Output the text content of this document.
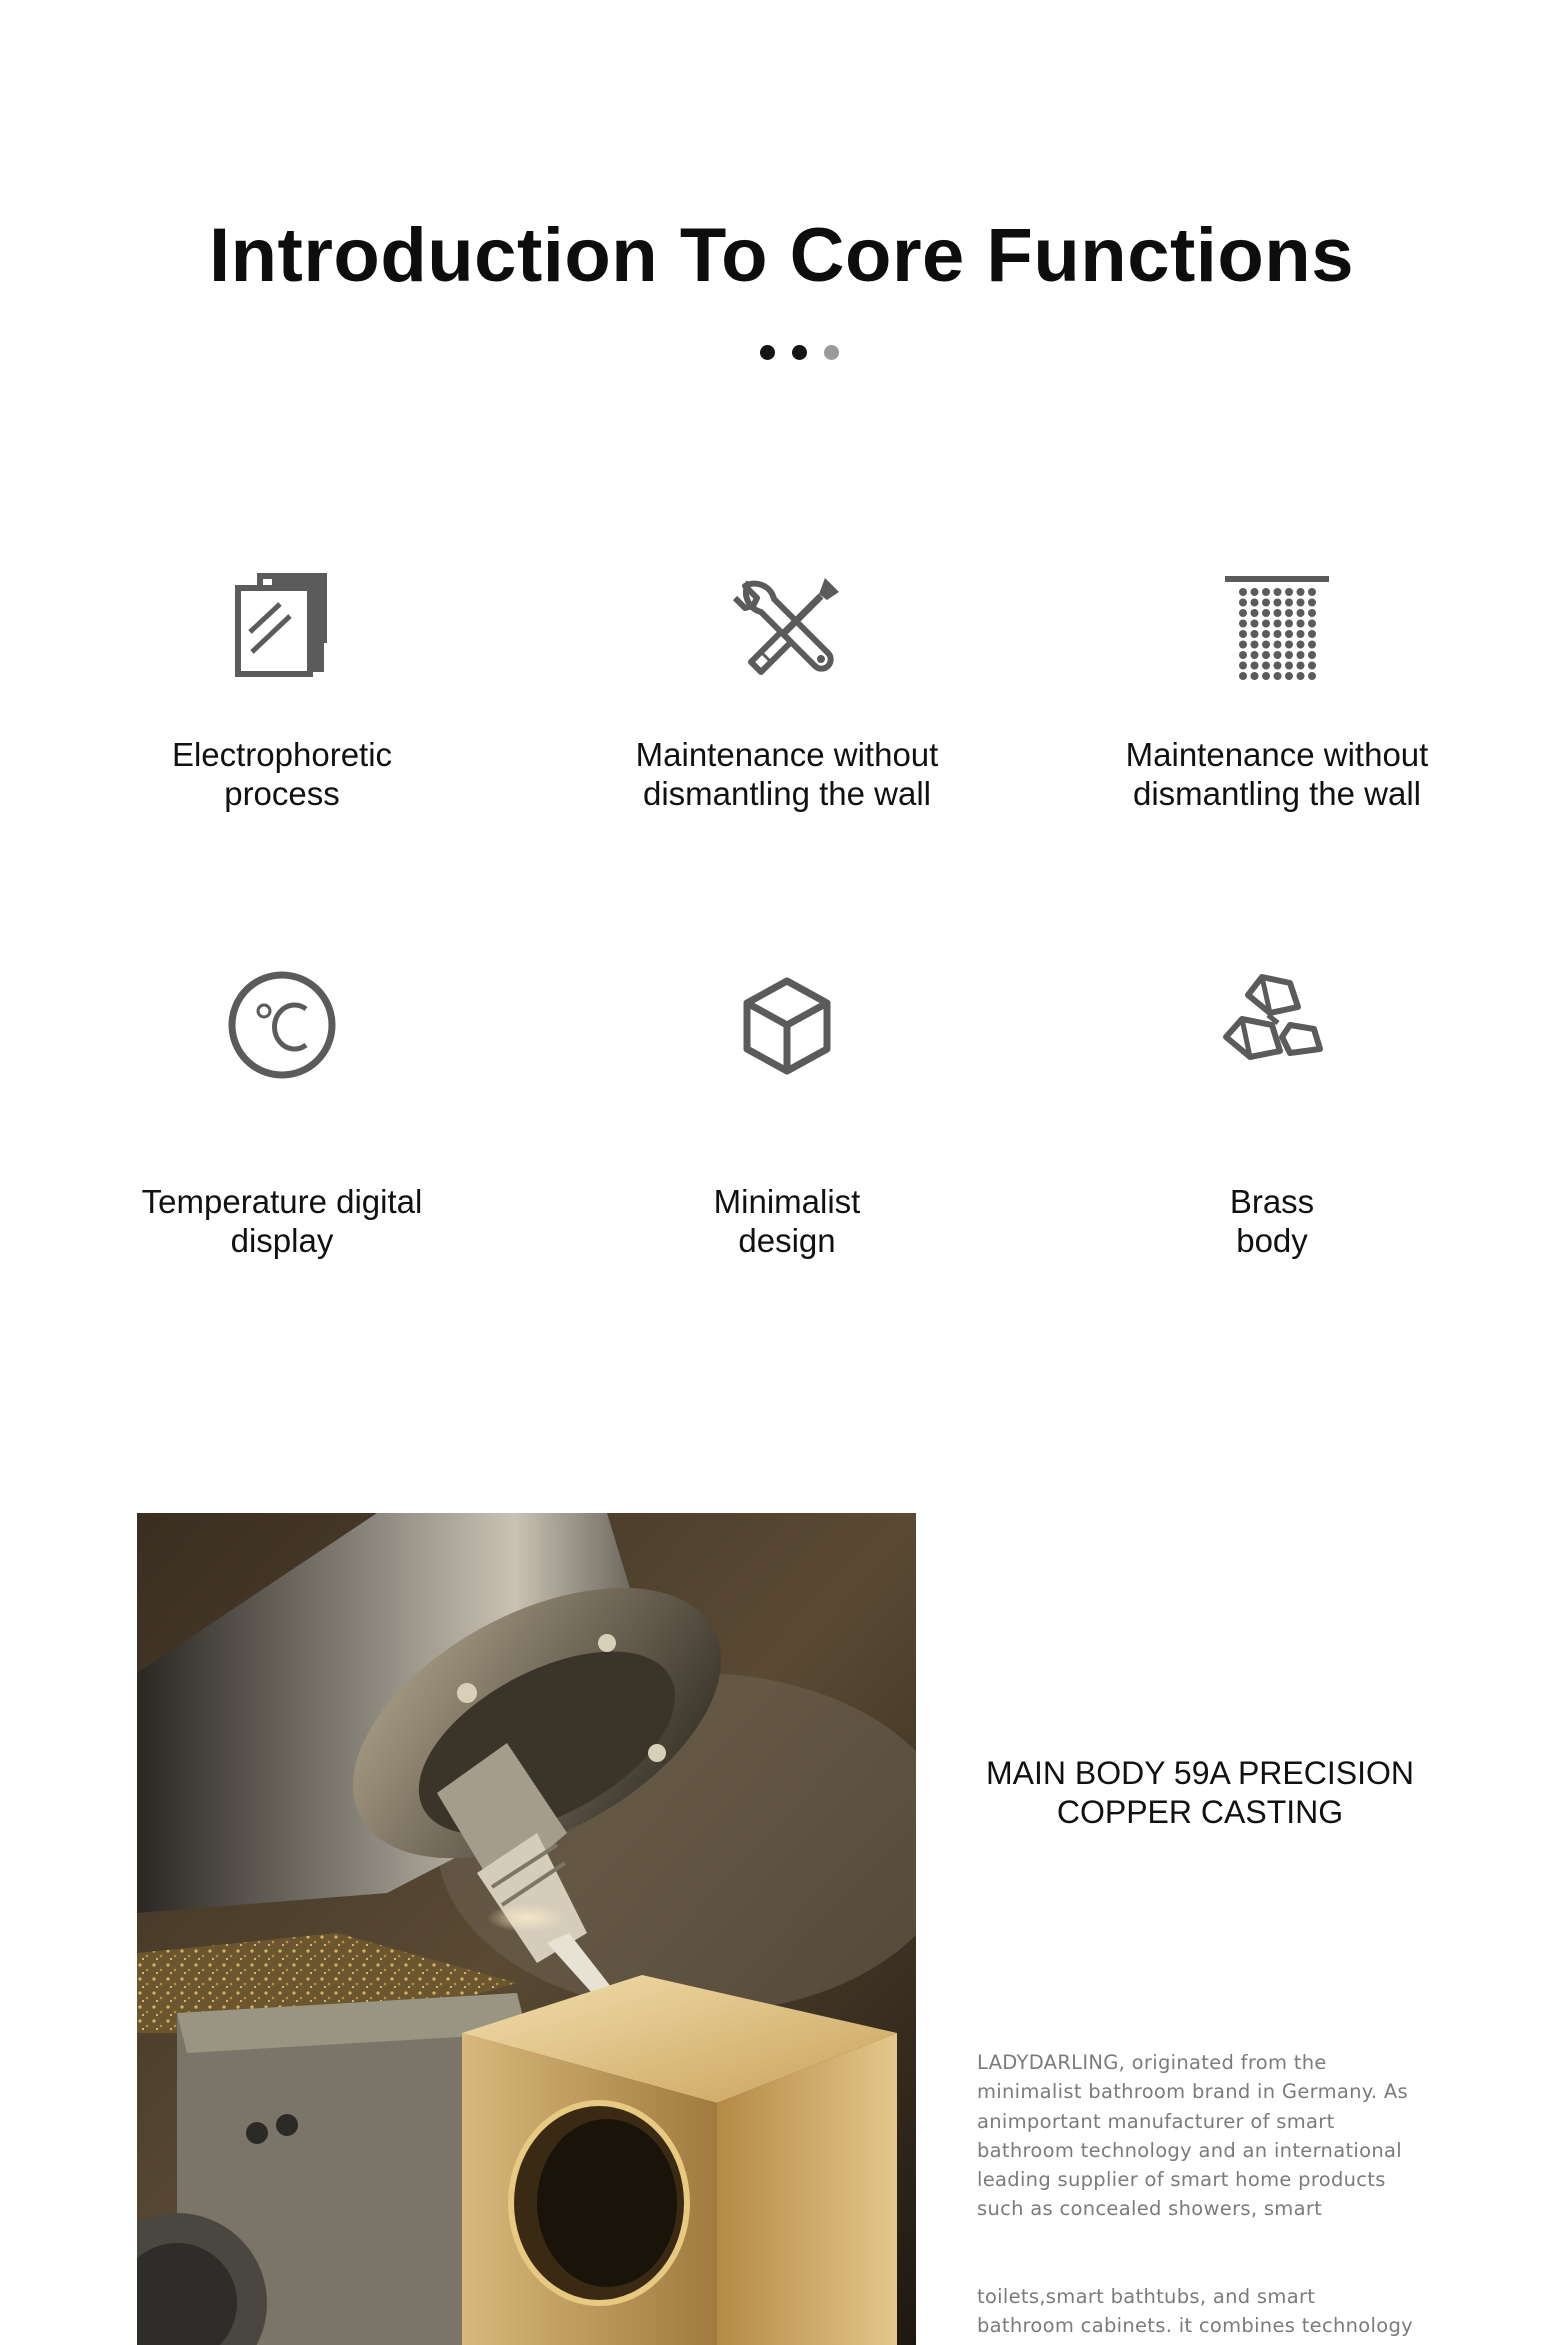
Introduction To Core Functions
Electrophoretic
process
Maintenance without
dismantling the wall
Maintenance without
dismantling the wall
Temperature digital
display
Minimalist
design
Brass
body
MAIN BODY 59A PRECISION
COPPER CASTING
LADYDARLING, originated from the
minimalist bathroom brand in Germany. As
animportant manufacturer of smart
bathroom technology and an international
leading supplier of smart home products
such as concealed showers, smart
toilets,smart bathtubs, and smart
bathroom cabinets. it combines technology
